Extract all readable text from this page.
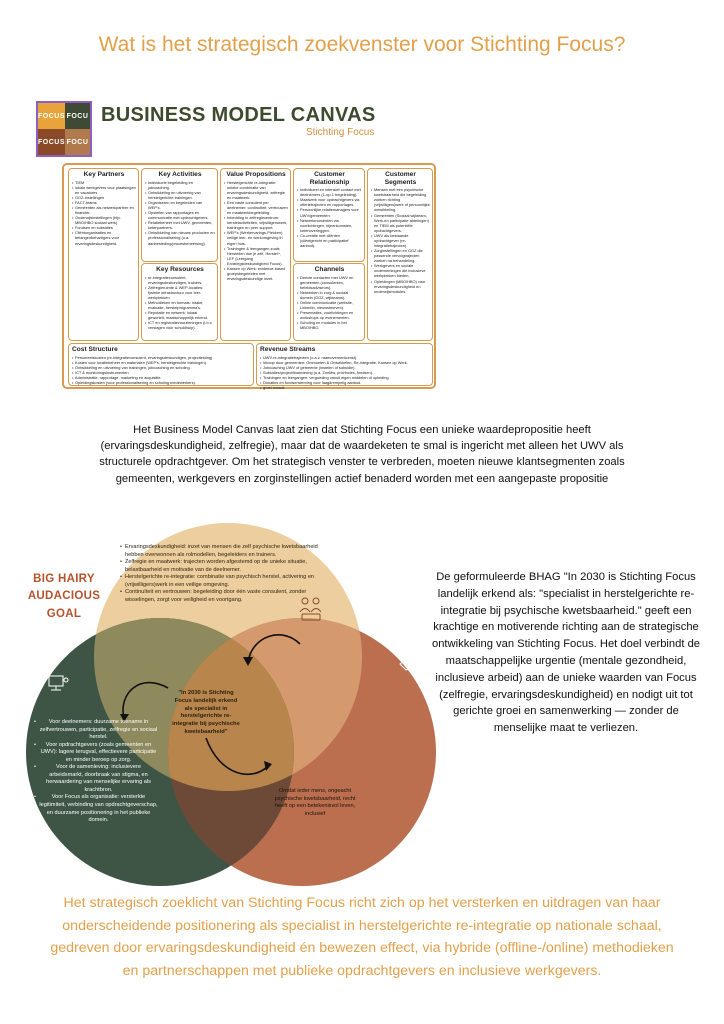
Wat is het strategisch zoekvenster voor Stichting Focus?
FOCUS FOCU
FOCUS FOCU
BUSINESS MODEL CANVAS
Stichting Focus
Key Partners
• TIEM
• lokale werkgevers voor plaatsingen en vacatures
• GGZ-instellingen
• FACT-teams
• Gemeenten als netwerkpartner en financier.
• Onderwijsinstellingen (bijv. MBO/HBO sociaal werk)
• Fondsen en subsidies
• Cliëntorganisaties en belangenbehartigers voor ervaringsdeskundigheid.
Key Activities
• Individuele begeleiding en jobcoaching.
• Ontwikkeling en uitvoering van herstelgerichte trainingen.
• Organiseren en begeleiden van WEP's.
• Opstellen van rapportages en communicatie met opdrachtgevers.
• Relatiebeheer met UWV, gemeenten, ketenpartners.
• Ontwikkeling van nieuwe producten en professionalisering (o.a. aanbesteding/procesbeheersing).
Key Resources
• re-integratieconsulent, ervaringsdeskundigen, trainers.
• Zelfregieruimte & WEP-locaties: fysieke infrastructuur voor leer-werkplekken.
• Methodieken en formats: intake, evaluatie, herstelprogramma's.
• Reputatie en netwerk: lokaal gewortelt, maatschappelijk erkend.
• ICT en registratievoorzieningen (t.b.v. verslagen voor schuldhulp).
Value Propositions
• Herstelgerichte re-integratie: unieke combinatie van ervaringsdeskundigheid, zelfregie en maatwerk.
• Een vaste consulent per deelnemer: continuïteit, vertrouwen en maatwerkbegeleiding.
• Inbedding in zelfregiecentrum: herstelactiviteiten, vrijwilligerswerk, trainingen en peer support.
• WEP's (Werkervarings-Plekken) veilige leer- en werkomgeving in eigen huis.
• Trainingen & leergangen zoals Herstellen doe je zelf, Herstel+, LEF (Leergang Ervaringsdeskundigheid Focus).
• Kansen op Werk: evidence-based groepsbegeleiden met ervaringsdeskundige inzet.
Customer Relationship
• Individueel en intensief contact met deelnemers (1-op-1 begeleiding).
• Maatwerk voor opdrachtgevers via offertetrajecten en rapportages.
• Persoonlijke relatiemanagers voor UWV/gemeenten.
• Netwerkmomenten via voorlichtingen, bijeenkomsten, ketenoverleggen.
• Co-creatie met cliënten (cliëntgericht en participatief aanbod).
Channels
• Directe contacten met UWV en gemeenten (consulenten, beleidsadviseurs).
• Netwerken in zorg & sociaal domein (GGZ, wijkteams).
• Online communicatie (website, LinkedIn, nieuwsbrieven).
• Presentaties, voorlichtingen en workshops op evenementen.
• Scholing en modules in het MBO/HBO.
Customer Segments
• Mensen met een psychische kwetsbaarheid die begeleiding zoeken richting (vrijwilligers)werk of persoonlijke ontwikkeling.
• Gemeenten (Sociaal wijkteam, Werk-en participatie afdelingen) en TIEM als potentiële opdrachtgevers.
• UWV als bestaande opdrachtgever (re-integratietrajecten).
• Zorginstellingen en GGZ die passende vervolgtrajecten zoeken na behandeling.
• Werkgevers en sociale ondernemingen die inclusieve werkplekken bieden.
• Opleidingen (MBO/HBO) voor ervaringsdeskundigheid en onderwijsmodules.
Cost Structure
• Personeelskosten (re-integratieconsulent, ervaringsdeskundigen, projectleiding).
• Kosten voor locatiebeheer en materialen (WEP's, herstelgerichte trainingen).
• Ontwikkeling en uitvoering van trainingen, jobcoaching en scholing.
• ICT & monitoringsinstrumenten.
• Administratie, rapportage, marketing en acquisitie.
• Opleidingskosten (voor professionalisering en scholing medewerkers).
Revenue Streams
• UWV-re-integratietrajecten (o.a.v. raamovereenkomst).
• Inkoop door gemeenten: Ontmoeten & Ontwikkelen, Re-integratie, Kansen op Werk.
• Jobcoaching UWV of gemeente (instelen of subsidie).
• Subsidies/projectfinanciering (o.a. ZonMw, provincies, fondsen).
• Trainingen en leergangen: vergoeding vanuit eigen middelen of opleiding.
• Donaties en fondsenwerving voor laagdrempelig aanbod.
• groei vooruit
Het Business Model Canvas laat zien dat Stichting Focus een unieke waardepropositie heeft (ervaringsdeskundigheid, zelfregie), maar dat de waardeketen te smal is ingericht met alleen het UWV als structurele opdrachtgever. Om het strategisch venster te verbreden, moeten nieuwe klantsegmenten zoals gemeenten, werkgevers en zorginstellingen actief benaderd worden met een aangepaste propositie
BIG HAIRY
AUDACIOUS
GOAL
• Ervaringsdeskundigheid: inzet van mensen die zelf psychische kwetsbaarheid hebben overwonnen als rolmodellen, begeleiders en trainers.
• Zelfregie en maatwerk: trajecten worden afgestemd op de unieke situatie, belastbaarheid en motivatie van de deelnemer.
• Herstelgerichte re-integratie: combinatie van psychisch herstel, activering en (vrijwilligers)werk in een veilige omgeving.
• Continuïteit en vertrouwen: begeleiding door één vaste consulent, zonder wisselingen, zorgt voor veiligheid en voortgang.
• Voor deelnemers: duurzame toename in zelfvertrouwen, participatie, zelfregie en sociaal herstel.
• Voor opdrachtgevers (zoals gemeenten en UWV): lagere terugval, effectievere participatie en minder beroep op zorg.
• Voor de samenleving: inclusievere arbeidsmarkt, doorbraak van stigma, en herwaardering van menselijke ervaring als krachtbron.
• Voor Focus als organisatie: versterkte legitimiteit, verbinding van opdrachtgeverschap, en duurzame positionering in het publieke domein.
Omdat ieder mens, ongeacht psychische kwetsbaarheid, recht heeft op een betekenisvol leven, inclusief
"In 2030 is Stichting Focus landelijk erkend als specialist in herstelgerichte re-integratie bij psychische kwetsbaarheid"
De geformuleerde BHAG "In 2030 is Stichting Focus landelijk erkend als: "specialist in herstelgerichte re-integratie bij psychische kwetsbaarheid." geeft een krachtige en motiverende richting aan de strategische ontwikkeling van Stichting Focus. Het doel verbindt de maatschappelijke urgentie (mentale gezondheid, inclusieve arbeid) aan de unieke waarden van Focus (zelfregie, ervaringsdeskundigheid) en nodigt uit tot gerichte groei en samenwerking — zonder de menselijke maat te verliezen.
Het strategisch zoeklicht van Stichting Focus richt zich op het versterken en uitdragen van haar onderscheidende positionering als specialist in herstelgerichte re-integratie op nationale schaal, gedreven door ervaringsdeskundigheid én bewezen effect, via hybride (offline-/online) methodieken en partnerschappen met publieke opdrachtgevers en inclusieve werkgevers.
